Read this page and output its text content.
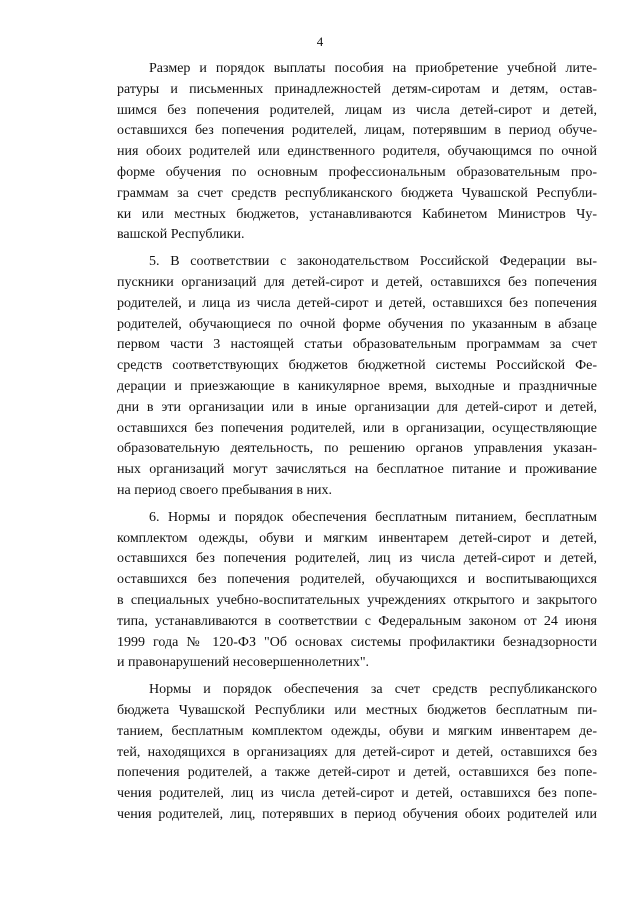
4

Размер и порядок выплаты пособия на приобретение учебной лите-
ратуры и письменных принадлежностей детям-сиротам и детям, остав-
шимся без попечения родителей, лицам из числа детей-сирот и детей,
оставшихся без попечения родителей, лицам, потерявшим в период обуче-
ния обоих родителей или единственного родителя, обучающимся по очной
форме обучения по основным профессиональным образовательным про-
граммам за счет средств республиканского бюджета Чувашской Республи-
ки или местных бюджетов, устанавливаются Кабинетом Министров Чу-
вашской Республики.

5. В соответствии с законодательством Российской Федерации вы-
пускники организаций для детей-сирот и детей, оставшихся без попечения
родителей, и лица из числа детей-сирот и детей, оставшихся без попечения
родителей, обучающиеся по очной форме обучения по указанным в абзаце
первом части 3 настоящей статьи образовательным программам за счет
средств соответствующих бюджетов бюджетной системы Российской Фе-
дерации и приезжающие в каникулярное время, выходные и праздничные
дни в эти организации или в иные организации для детей-сирот и детей,
оставшихся без попечения родителей, или в организации, осуществляющие
образовательную деятельность, по решению органов управления указан-
ных организаций могут зачисляться на бесплатное питание и проживание
на период своего пребывания в них.

6. Нормы и порядок обеспечения бесплатным питанием, бесплатным
комплектом одежды, обуви и мягким инвентарем детей-сирот и детей,
оставшихся без попечения родителей, лиц из числа детей-сирот и детей,
оставшихся без попечения родителей, обучающихся и воспитывающихся
в специальных учебно-воспитательных учреждениях открытого и закрытого
типа, устанавливаются в соответствии с Федеральным законом от 24 июня
1999 года № 120-ФЗ "Об основах системы профилактики безнадзорности
и правонарушений несовершеннолетних".

Нормы и порядок обеспечения за счет средств республиканского
бюджета Чувашской Республики или местных бюджетов бесплатным пи-
танием, бесплатным комплектом одежды, обуви и мягким инвентарем де-
тей, находящихся в организациях для детей-сирот и детей, оставшихся без
попечения родителей, а также детей-сирот и детей, оставшихся без попе-
чения родителей, лиц из числа детей-сирот и детей, оставшихся без попе-
чения родителей, лиц, потерявших в период обучения обоих родителей или
